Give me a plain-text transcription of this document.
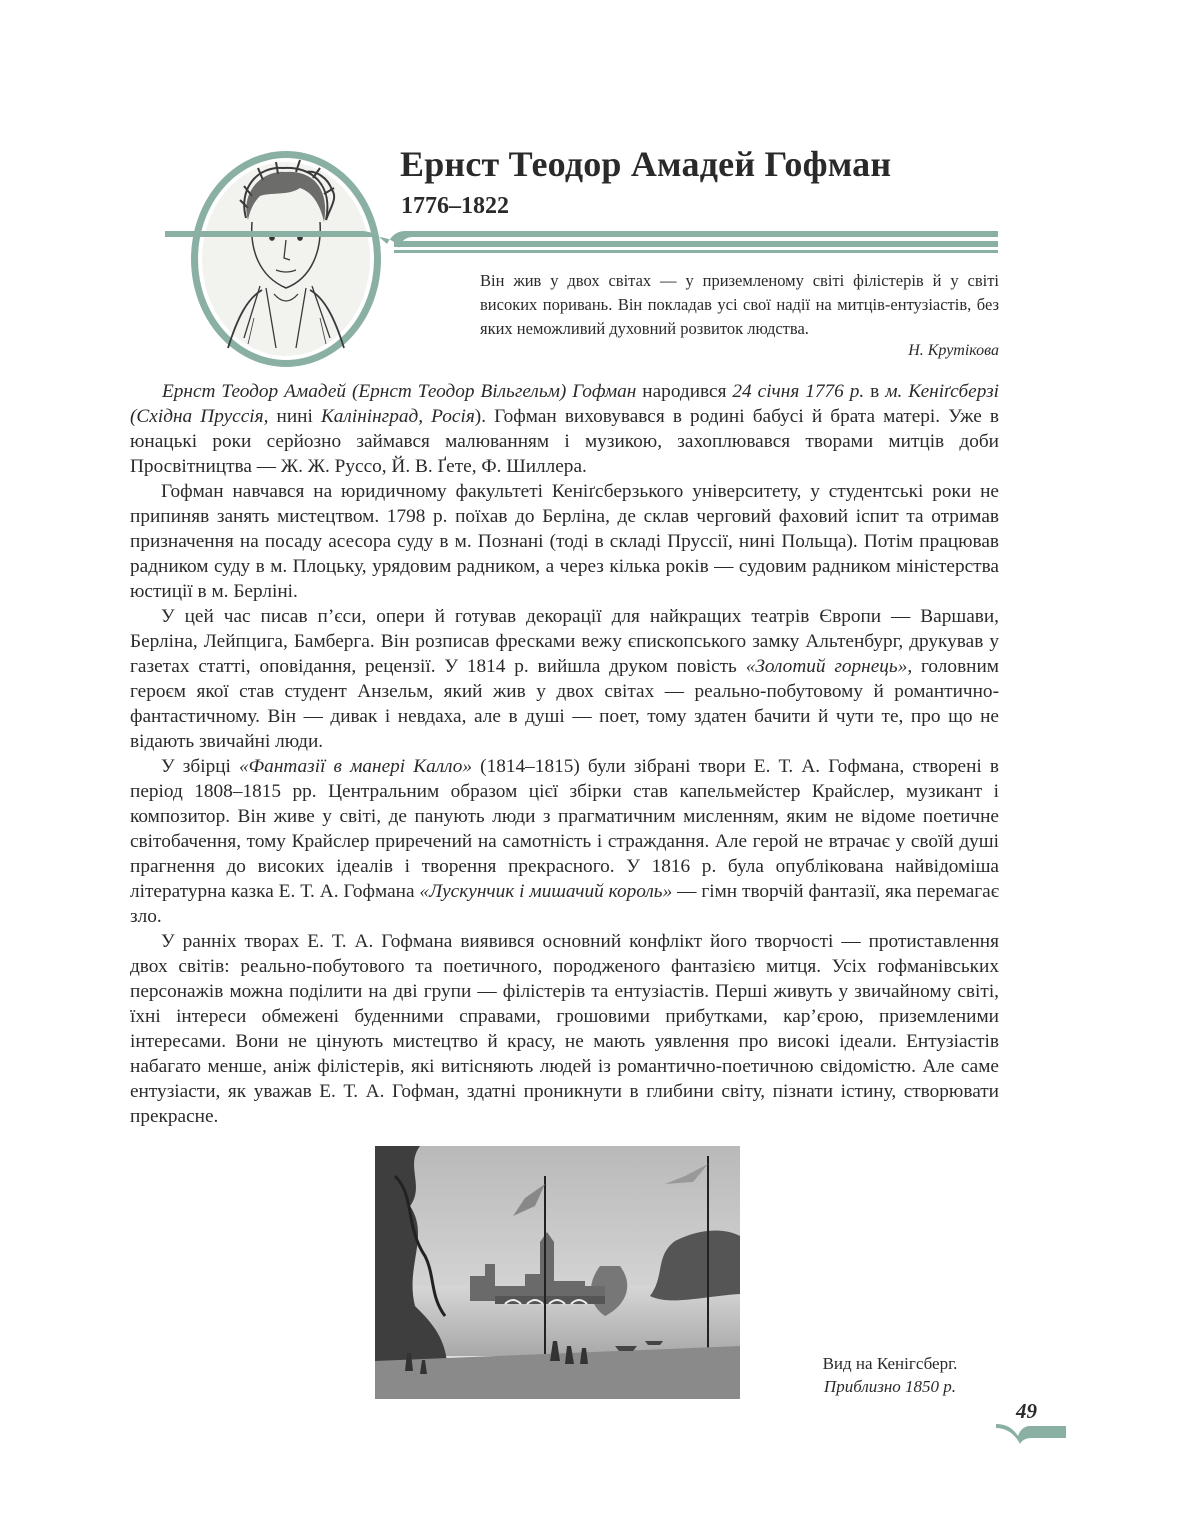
Ернст Теодор Амадей Гофман
1776–1822

Він жив у двох світах — у приземленому світі філістерів й у світі високих поривань. Він покладав усі свої надії на митців-ентузіастів, без яких неможливий духовний розвиток людства.

Н. Крутікова

Ернст Теодор Амадей (Ернст Теодор Вільгельм) Гофман народився 24 січня 1776 р. в м. Кеніґсберзі (Східна Пруссія, нині Калінінград, Росія). Гофман виховувався в родині бабусі й брата матері. Уже в юнацькі роки серйозно займався малюванням і музикою, захоплювався творами митців доби Просвітництва — Ж. Ж. Руссо, Й. В. Ґете, Ф. Шиллера.

Гофман навчався на юридичному факультеті Кеніґсберзького університету, у студентські роки не припиняв занять мистецтвом. 1798 р. поїхав до Берліна, де склав черговий фаховий іспит та отримав призначення на посаду асесора суду в м. Познані (тоді в складі Пруссії, нині Польща). Потім працював радником суду в м. Плоцьку, урядовим радником, а через кілька років — судовим радником міністерства юстиції в м. Берліні.

У цей час писав п’єси, опери й готував декорації для найкращих театрів Європи — Варшави, Берліна, Лейпцига, Бамберга. Він розписав фресками вежу єпископського замку Альтенбург, друкував у газетах статті, оповідання, рецензії. У 1814 р. вийшла друком повість «Золотий горнець», головним героєм якої став студент Анзельм, який жив у двох світах — реально-побутовому й романтично-фантастичному. Він — дивак і невдаха, але в душі — поет, тому здатен бачити й чути те, про що не відають звичайні люди.

У збірці «Фантазії в манері Калло» (1814–1815) були зібрані твори Е. Т. А. Гофмана, створені в період 1808–1815 рр. Центральним образом цієї збірки став капельмейстер Крайслер, музикант і композитор. Він живе у світі, де панують люди з прагматичним мисленням, яким не відоме поетичне світобачення, тому Крайслер приречений на самотність і страждання. Але герой не втрачає у своїй душі прагнення до високих ідеалів і творення прекрасного. У 1816 р. була опублікована найвідоміша літературна казка Е. Т. А. Гофмана «Лускунчик і мишачий король» — гімн творчій фантазії, яка перемагає зло.

У ранніх творах Е. Т. А. Гофмана виявився основний конфлікт його творчості — протиставлення двох світів: реально-побутового та поетичного, породженого фантазією митця. Усіх гофманівських персонажів можна поділити на дві групи — філістерів та ентузіастів. Перші живуть у звичайному світі, їхні інтереси обмежені буденними справами, грошовими прибутками, кар’єрою, приземленими інтересами. Вони не цінують мистецтво й красу, не мають уявлення про високі ідеали. Ентузіастів набагато менше, аніж філістерів, які витісняють людей із романтично-поетичною свідомістю. Але саме ентузіасти, як уважав Е. Т. А. Гофман, здатні проникнути в глибини світу, пізнати істину, створювати прекрасне.

Вид на Кенігсберг.
Приблизно 1850 р.
49
